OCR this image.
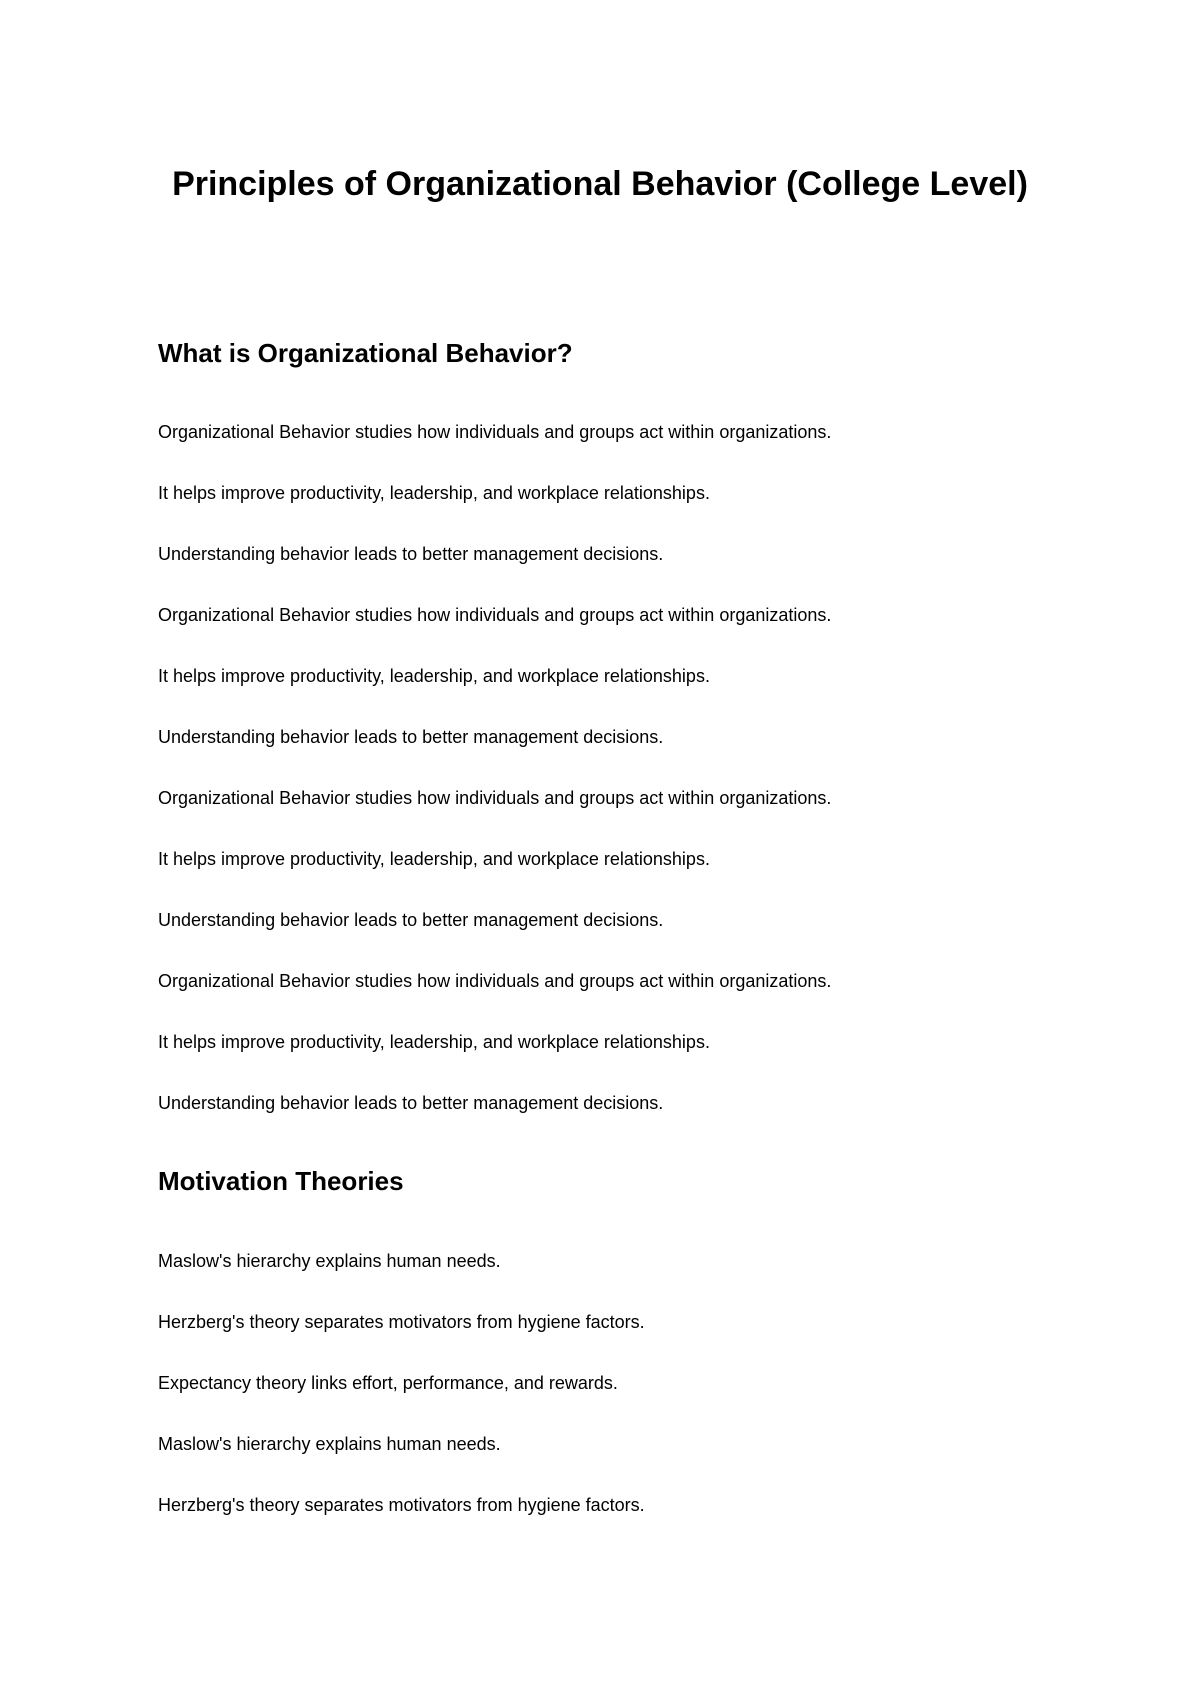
Principles of Organizational Behavior (College Level)
What is Organizational Behavior?

Organizational Behavior studies how individuals and groups act within organizations.

It helps improve productivity, leadership, and workplace relationships.

Understanding behavior leads to better management decisions.

Organizational Behavior studies how individuals and groups act within organizations.

It helps improve productivity, leadership, and workplace relationships.

Understanding behavior leads to better management decisions.

Organizational Behavior studies how individuals and groups act within organizations.

It helps improve productivity, leadership, and workplace relationships.

Understanding behavior leads to better management decisions.

Organizational Behavior studies how individuals and groups act within organizations.

It helps improve productivity, leadership, and workplace relationships.

Understanding behavior leads to better management decisions.

Motivation Theories

Maslow's hierarchy explains human needs.

Herzberg's theory separates motivators from hygiene factors.

Expectancy theory links effort, performance, and rewards.

Maslow's hierarchy explains human needs.

Herzberg's theory separates motivators from hygiene factors.
